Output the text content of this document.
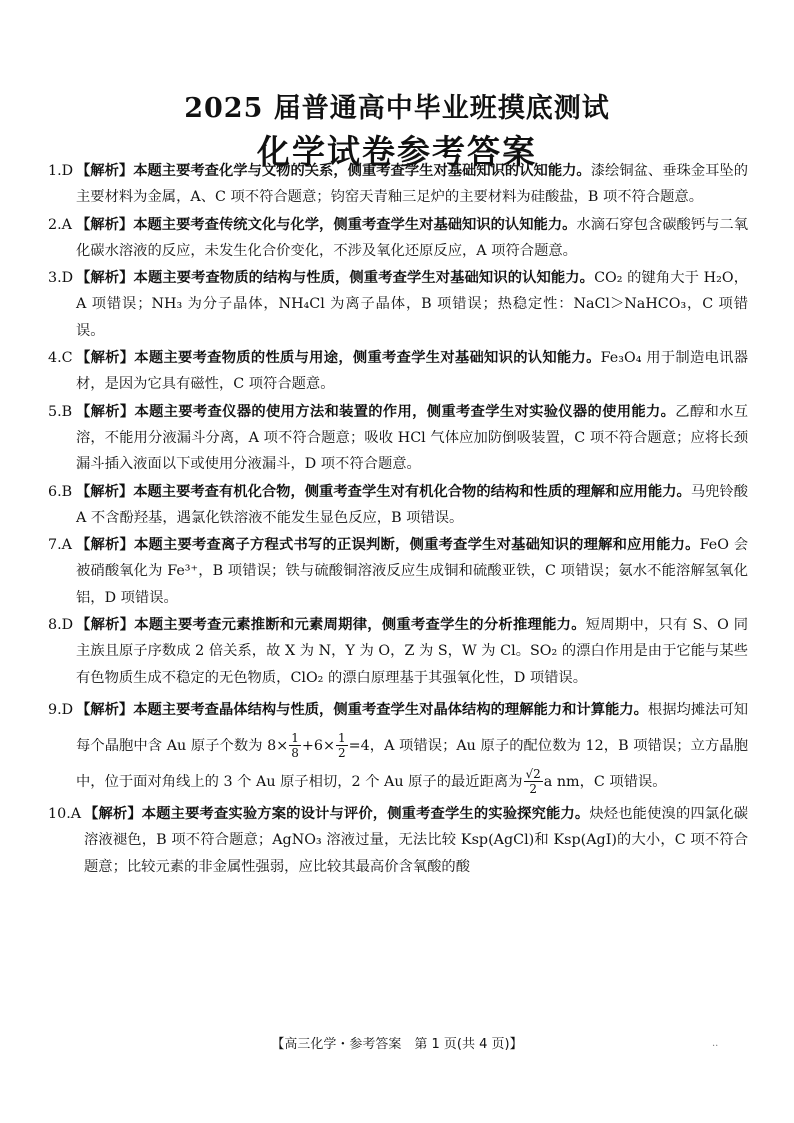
2025 届普通高中毕业班摸底测试
化学试卷参考答案
1.D 【解析】本题主要考查化学与文物的关系，侧重考查学生对基础知识的认知能力。漆绘铜盆、垂珠金耳坠的主要材料为金属，A、C 项不符合题意；钧窑天青釉三足炉的主要材料为硅酸盐，B 项不符合题意。
2.A 【解析】本题主要考查传统文化与化学，侧重考查学生对基础知识的认知能力。水滴石穿包含碳酸钙与二氧化碳水溶液的反应，未发生化合价变化，不涉及氧化还原反应，A 项符合题意。
3.D 【解析】本题主要考查物质的结构与性质，侧重考查学生对基础知识的认知能力。CO₂ 的键角大于 H₂O，A 项错误；NH₃ 为分子晶体，NH₄Cl 为离子晶体，B 项错误；热稳定性：NaCl＞NaHCO₃，C 项错误。
4.C 【解析】本题主要考查物质的性质与用途，侧重考查学生对基础知识的认知能力。Fe₃O₄ 用于制造电讯器材，是因为它具有磁性，C 项符合题意。
5.B 【解析】本题主要考查仪器的使用方法和装置的作用，侧重考查学生对实验仪器的使用能力。乙醇和水互溶，不能用分液漏斗分离，A 项不符合题意；吸收 HCl 气体应加防倒吸装置，C 项不符合题意；应将长颈漏斗插入液面以下或使用分液漏斗，D 项不符合题意。
6.B 【解析】本题主要考查有机化合物，侧重考查学生对有机化合物的结构和性质的理解和应用能力。马兜铃酸 A 不含酚羟基，遇氯化铁溶液不能发生显色反应，B 项错误。
7.A 【解析】本题主要考查离子方程式书写的正误判断，侧重考查学生对基础知识的理解和应用能力。FeO 会被硝酸氧化为 Fe³⁺，B 项错误；铁与硫酸铜溶液反应生成铜和硫酸亚铁，C 项错误；氨水不能溶解氢氧化铝，D 项错误。
8.D 【解析】本题主要考查元素推断和元素周期律，侧重考查学生的分析推理能力。短周期中，只有 S、O 同主族且原子序数成 2 倍关系，故 X 为 N，Y 为 O，Z 为 S，W 为 Cl。SO₂ 的漂白作用是由于它能与某些有色物质生成不稳定的无色物质，ClO₂ 的漂白原理基于其强氧化性，D 项错误。
9.D 【解析】本题主要考查晶体结构与性质，侧重考查学生对晶体结构的理解能力和计算能力。根据均摊法可知每个晶胞中含 Au 原子个数为 $8\times \frac{1}{8} +6\times \frac{1}{2} =4$，A 项错误；Au 原子的配位数为 12，B 项错误；立方晶胞中，位于面对角线上的 3 个 Au 原子相切，2 个 Au 原子的最近距离为 $\frac{√2}{2}$ a nm，C 项错误。
10.A 【解析】本题主要考查实验方案的设计与评价，侧重考查学生的实验探究能力。炔烃也能使溴的四氯化碳溶液褪色，B 项不符合题意；AgNO₃ 溶液过量，无法比较 Ksp(AgCl)和 Ksp(AgI)的大小，C 项不符合题意；比较元素的非金属性强弱，应比较其最高价含氧酸的酸
【高三化学・参考答案　第 1 页(共 4 页)】	..
